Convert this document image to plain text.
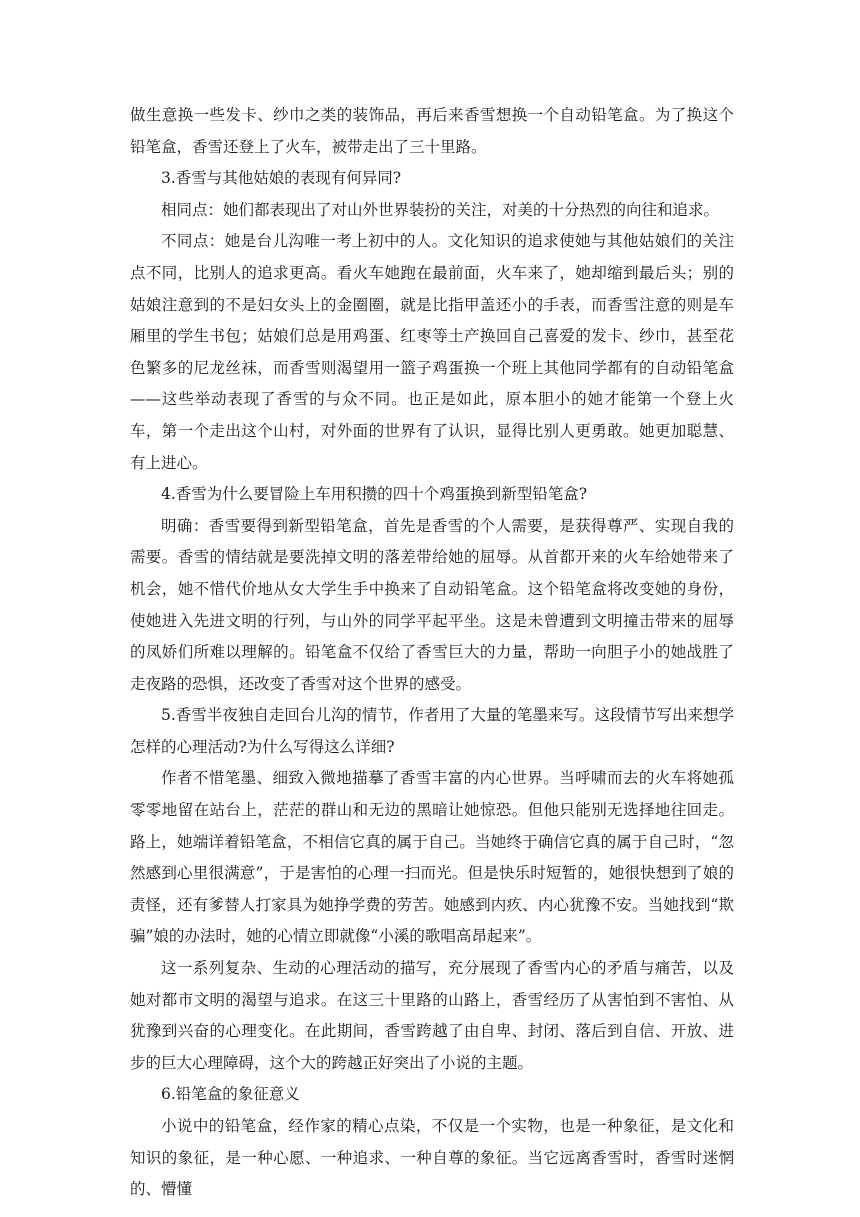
做生意换一些发卡、纱巾之类的装饰品，再后来香雪想换一个自动铅笔盒。为了换这个铅笔盒，香雪还登上了火车，被带走出了三十里路。

3.香雪与其他姑娘的表现有何异同?

相同点：她们都表现出了对山外世界装扮的关注，对美的十分热烈的向往和追求。

不同点：她是台儿沟唯一考上初中的人。文化知识的追求使她与其他姑娘们的关注点不同，比别人的追求更高。看火车她跑在最前面，火车来了，她却缩到最后头；别的姑娘注意到的不是妇女头上的金圈圈，就是比指甲盖还小的手表，而香雪注意的则是车厢里的学生书包；姑娘们总是用鸡蛋、红枣等土产换回自己喜爱的发卡、纱巾，甚至花色繁多的尼龙丝袜，而香雪则渴望用一篮子鸡蛋换一个班上其他同学都有的自动铅笔盒——这些举动表现了香雪的与众不同。也正是如此，原本胆小的她才能第一个登上火车，第一个走出这个山村，对外面的世界有了认识，显得比别人更勇敢。她更加聪慧、有上进心。

4.香雪为什么要冒险上车用积攒的四十个鸡蛋换到新型铅笔盒?

明确：香雪要得到新型铅笔盒，首先是香雪的个人需要，是获得尊严、实现自我的需要。香雪的情结就是要洗掉文明的落差带给她的屈辱。从首都开来的火车给她带来了机会，她不惜代价地从女大学生手中换来了自动铅笔盒。这个铅笔盒将改变她的身份，使她进入先进文明的行列，与山外的同学平起平坐。这是未曾遭到文明撞击带来的屈辱的凤娇们所难以理解的。铅笔盒不仅给了香雪巨大的力量，帮助一向胆子小的她战胜了走夜路的恐惧，还改变了香雪对这个世界的感受。

5.香雪半夜独自走回台儿沟的情节，作者用了大量的笔墨来写。这段情节写出来想学怎样的心理活动?为什么写得这么详细?

作者不惜笔墨、细致入微地描摹了香雪丰富的内心世界。当呼啸而去的火车将她孤零零地留在站台上，茫茫的群山和无边的黑暗让她惊恐。但他只能别无选择地往回走。路上，她端详着铅笔盒，不相信它真的属于自己。当她终于确信它真的属于自己时，“忽然感到心里很满意”，于是害怕的心理一扫而光。但是快乐时短暂的，她很快想到了娘的责怪，还有爹替人打家具为她挣学费的劳苦。她感到内疚、内心犹豫不安。当她找到“欺骗”娘的办法时，她的心情立即就像“小溪的歌唱高昂起来”。

这一系列复杂、生动的心理活动的描写，充分展现了香雪内心的矛盾与痛苦，以及她对都市文明的渴望与追求。在这三十里路的山路上，香雪经历了从害怕到不害怕、从犹豫到兴奋的心理变化。在此期间，香雪跨越了由自卑、封闭、落后到自信、开放、进步的巨大心理障碍，这个大的跨越正好突出了小说的主题。

6.铅笔盒的象征意义

小说中的铅笔盒，经作家的精心点染，不仅是一个实物，也是一种象征，是文化和知识的象征，是一种心愿、一种追求、一种自尊的象征。当它远离香雪时，香雪时迷惘的、懵懂
